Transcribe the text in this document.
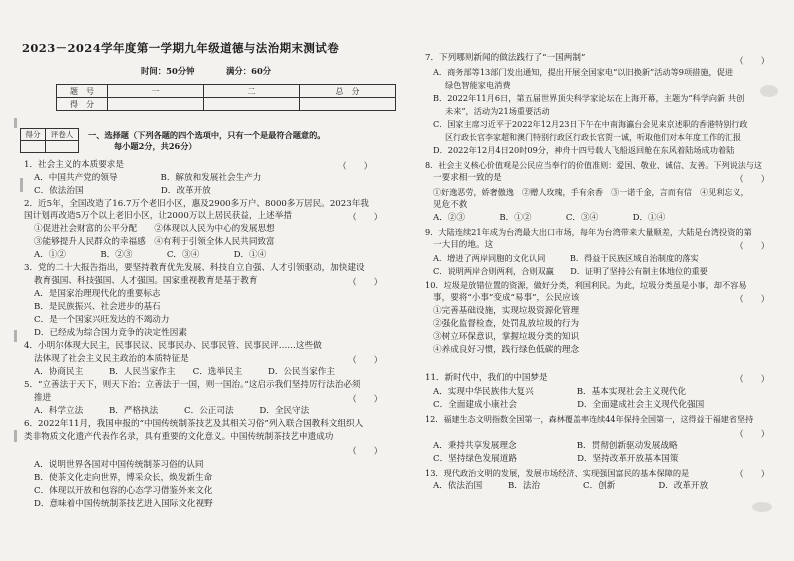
2023－2024学年度第一学期九年级道德与法治期末测试卷
时间：50分钟	满分：60分
题　号	一	二	总　分
得　分			
得分	评卷人
	一、选择题（下列各题的四个选项中，只有一个是最符合题意的。
每小题2分，共26分）
1．社会主义的本质要求是	（　　）
A．中国共产党的领导　　　　　B．解放和发展社会生产力
C．依法治国　　　　　　　　　D．改革开放
2．近5年，全国改造了16.7万个老旧小区，惠及2900多万户、8000多万居民。2023年我
国计划再改造5万个以上老旧小区，让2000万以上居民获益，上述举措	（　　）
①促进社会财富的公平分配　　②体现以人民为中心的发展思想
③能够提升人民群众的幸福感　④有利于引领全体人民共同致富
A．①②　　　　B．②③　　　　C．③④　　　　D．①④
3．党的二十大报告指出，要坚持教育优先发展、科技自立自强、人才引领驱动，加快建设
教育强国、科技强国、人才强国。国家重视教育是基于教育	（　　）
A．是国家治理现代化的重要标志
B．是民族振兴、社会进步的基石
C．是一个国家兴旺发达的不竭动力
D．已经成为综合国力竞争的决定性因素
4．小明尔体现大民主，民事民议、民事民办、民事民管、民事民评……这些做
法体现了社会主义民主政治的本质特征是	（　　）
A．协商民主　　　B．人民当家作主　　C．选举民主　　　D．公民当家作主
5．“立善法于天下，则天下治；立善法于一国，则一国治。”这启示我们坚持厉行法治必须
推进	（　　）
A．科学立法　　　B．严格执法　　　C．公正司法　　　D．全民守法
6．2022年11月，我国申报的“中国传统制茶技艺及其相关习俗”列入联合国教科文组织人
类非物质文化遗产代表作名录，具有重要的文化意义。中国传统制茶技艺申遗成功
（　　）
A．说明世界各国对中国传统制茶习俗的认同
B．使茶文化走向世界，博采众长，焕发新生命
C．体现以开放和包容的心态学习借鉴外来文化
D．意味着中国传统制茶技艺进入国际文化视野
7．下列哪则新闻的做法践行了“一国两制”	（　　）
A．商务部等13部门发出通知，提出开展全国家电“以旧换新”活动等9项措施，促进
绿色智能家电消费
B．2022年11月6日，第五届世界顶尖科学家论坛在上海开幕，主题为“科学向新 共创
未来”，活动为21场重要活动
C．国家主席习近平于2022年12月23日下午在中南海瀛台会见来京述职的香港特别行政
区行政长官李家超和澳门特别行政区行政长官贺一诚，听取他们对本年度工作的汇报
D．2022年12月4日20时09分，神舟十四号载人飞船返回舱在东风着陆场成功着陆
8．社会主义核心价值观是公民应当奉行的价值准则：爱国、敬业、诚信、友善。下列说法与这
一要求相一致的是	（　　）
①好逸恶劳，娇奢傲逸　②赠人玫瑰，手有余香　③一诺千金，言而有信　④见利忘义，
见危不救
A．②③　　　　B．①②　　　　C．③④　　　　D．①④
9．大陆连续21年成为台湾最大出口市场，每年为台湾带来大量顺差，大陆是台湾投资的第
一大目的地。这	（　　）
A．增进了两岸同胞的文化认同　　　B．得益于民族区域自治制度的落实
C．说明两岸合则两利，合则双赢　　D．证明了坚持公有制主体地位的重要
10．垃圾是放错位置的资源，做好分类，利国利民。为此，垃圾分类虽是小事，却不容易
事，要将“小事”变成“易事”，公民应该	（　　）
①完善基础设施，实现垃圾资源化管理
②强化监督检查，处罚乱放垃圾的行为
③树立环保意识，掌握垃圾分类的知识
④养成良好习惯，践行绿色低碳的理念
11．新时代中，我们的中国梦是	（　　）
A．实现中华民族伟大复兴　　　　　B．基本实现社会主义现代化
C．全面建成小康社会　　　　　　　D．全面建成社会主义现代化强国
12．福建生态文明指数全国第一，森林覆盖率连续44年保持全国第一，这得益于福建省坚持
（　　）
A．秉持共享发展理念　　　　　　　B．贯彻创新驱动发展战略
C．坚持绿色发展道路　　　　　　　D．坚持改革开放基本国策
13．现代政治文明的发展，发展市场经济、实现强国富民的基本保障的是	（　　）
A．依法治国　　　B．法治　　　　　C．创新　　　　　D．改革开放
